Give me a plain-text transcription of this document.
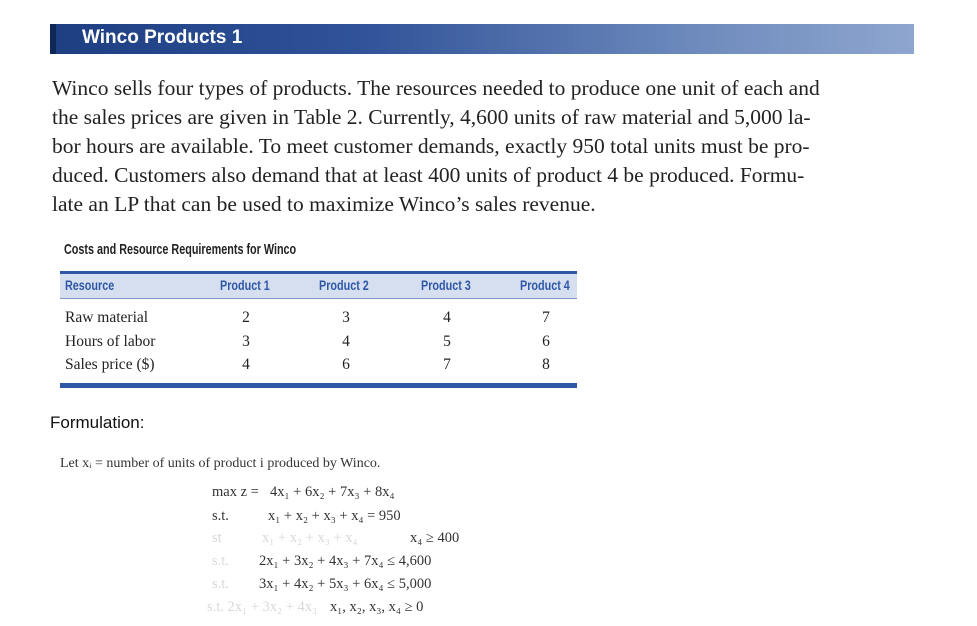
Winco Products 1
Winco sells four types of products. The resources needed to produce one unit of each and
the sales prices are given in Table 2. Currently, 4,600 units of raw material and 5,000 la-
bor hours are available. To meet customer demands, exactly 950 total units must be pro-
duced. Customers also demand that at least 400 units of product 4 be produced. Formu-
late an LP that can be used to maximize Winco’s sales revenue.
Costs and Resource Requirements for Winco
Resource	Product 1	Product 2	Product 3	Product 4
Raw material	2	3	4	7
Hours of labor	3	4	5	6
Sales price ($)	4	6	7	8
Formulation:
Let xᵢ = number of units of product i produced by Winco.
max z = 4x₁ + 6x₂ + 7x₃ + 8x₄
s.t.	x₁ + x₂ + x₃ + x₄ = 950
st	x₁ + x₂ + x₃ + x₄	x₄ ≥ 400
s.t. 2x₁ + 3x₂ + 4x₃ + 7x₄ ≤ 4,600
s.t. 3x₁ + 4x₂ + 5x₃ + 6x₄ ≤ 5,000
s.t. 2x₁ + 3x₂ + 4x₃ x₁, x₂, x₃, x₄ ≥ 0
